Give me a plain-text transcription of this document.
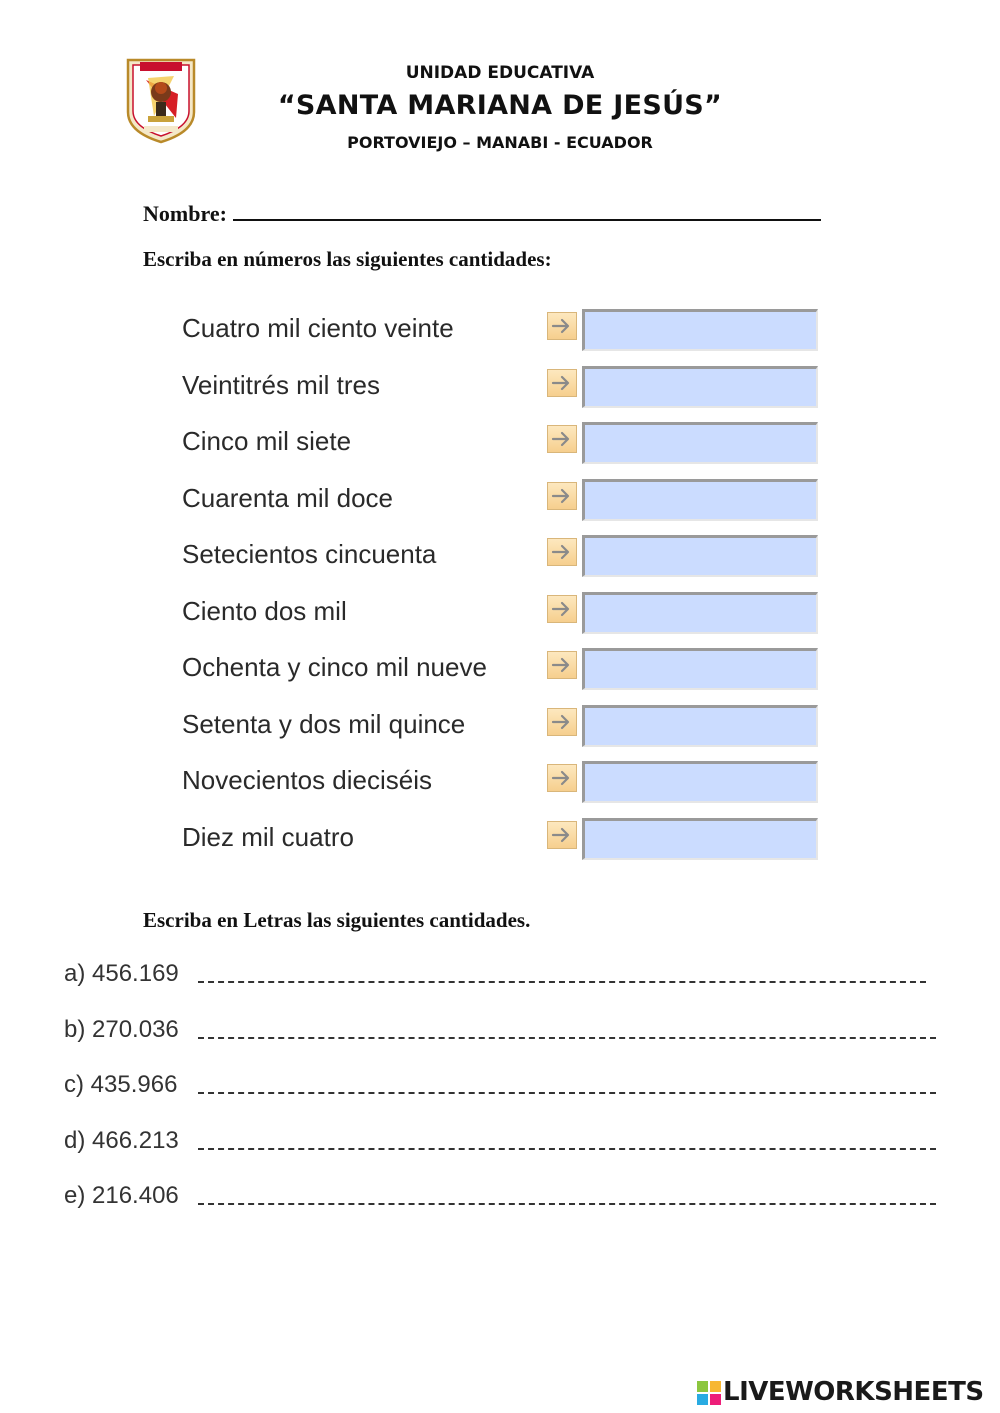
UNIDAD EDUCATIVA
“SANTA MARIANA DE JESÚS”
PORTOVIEJO – MANABI - ECUADOR
Nombre:
Escriba en números las siguientes cantidades:
Cuatro mil ciento veinte
Veintitrés mil tres
Cinco mil siete
Cuarenta mil doce
Setecientos cincuenta
Ciento dos mil
Ochenta y cinco mil nueve
Setenta y dos mil quince
Novecientos dieciséis
Diez mil cuatro
Escriba en Letras las siguientes cantidades.
a) 456.169
b) 270.036
c) 435.966
d) 466.213
e) 216.406
LIVEWORKSHEETS
